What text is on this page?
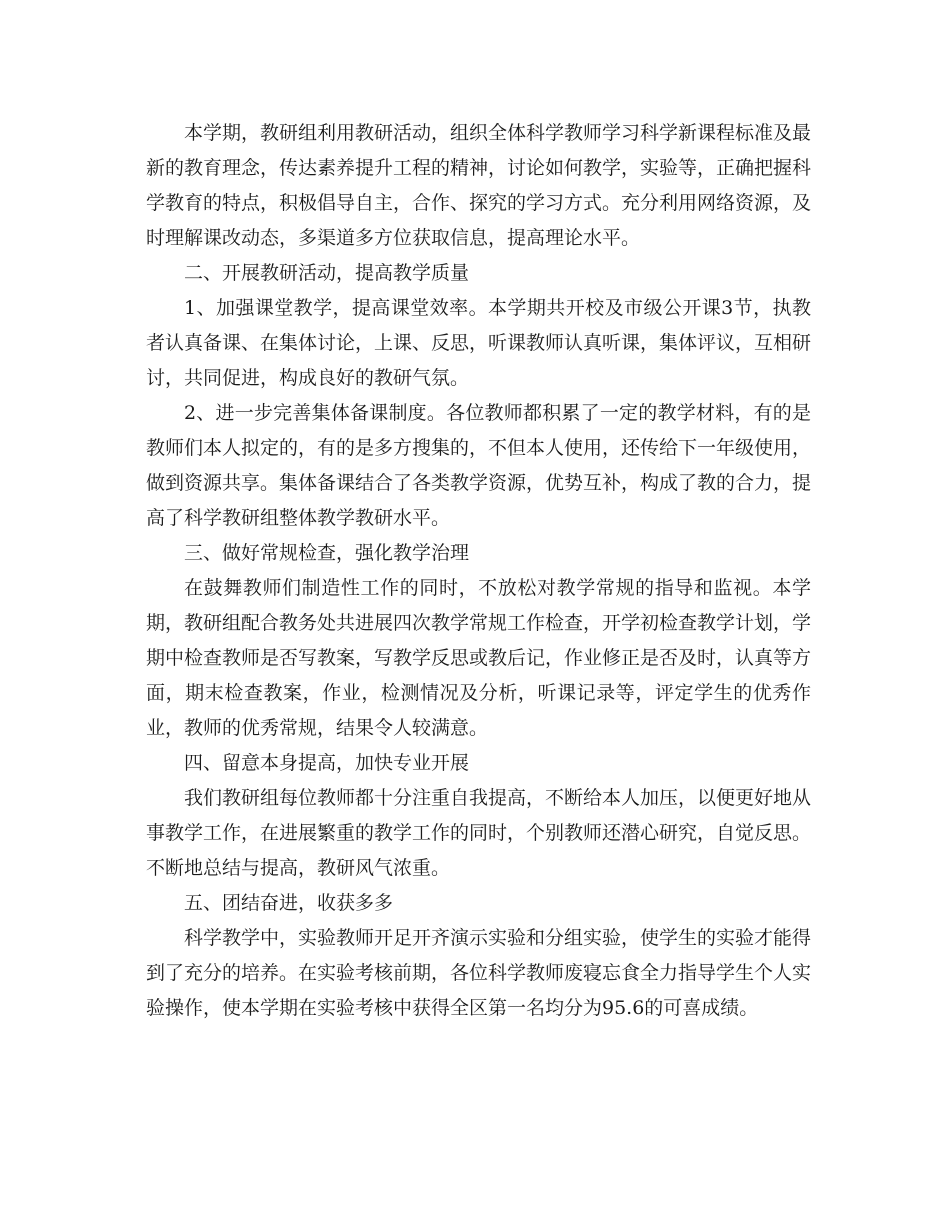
本学期，教研组利用教研活动，组织全体科学教师学习科学新课程标准及最新的教育理念，传达素养提升工程的精神，讨论如何教学，实验等，正确把握科学教育的特点，积极倡导自主，合作、探究的学习方式。充分利用网络资源，及时理解课改动态，多渠道多方位获取信息，提高理论水平。

二、开展教研活动，提高教学质量

1、加强课堂教学，提高课堂效率。本学期共开校及市级公开课3节，执教者认真备课、在集体讨论，上课、反思，听课教师认真听课，集体评议，互相研讨，共同促进，构成良好的教研气氛。

2、进一步完善集体备课制度。各位教师都积累了一定的教学材料，有的是教师们本人拟定的，有的是多方搜集的，不但本人使用，还传给下一年级使用，做到资源共享。集体备课结合了各类教学资源，优势互补，构成了教的合力，提高了科学教研组整体教学教研水平。

三、做好常规检查，强化教学治理

在鼓舞教师们制造性工作的同时，不放松对教学常规的指导和监视。本学期，教研组配合教务处共进展四次教学常规工作检查，开学初检查教学计划，学期中检查教师是否写教案，写教学反思或教后记，作业修正是否及时，认真等方面，期末检查教案，作业，检测情况及分析，听课记录等，评定学生的优秀作业，教师的优秀常规，结果令人较满意。

四、留意本身提高，加快专业开展

我们教研组每位教师都十分注重自我提高，不断给本人加压，以便更好地从事教学工作，在进展繁重的教学工作的同时，个别教师还潜心研究，自觉反思。不断地总结与提高，教研风气浓重。

五、团结奋进，收获多多

科学教学中，实验教师开足开齐演示实验和分组实验，使学生的实验才能得到了充分的培养。在实验考核前期，各位科学教师废寝忘食全力指导学生个人实验操作，使本学期在实验考核中获得全区第一名均分为95.6的可喜成绩。
